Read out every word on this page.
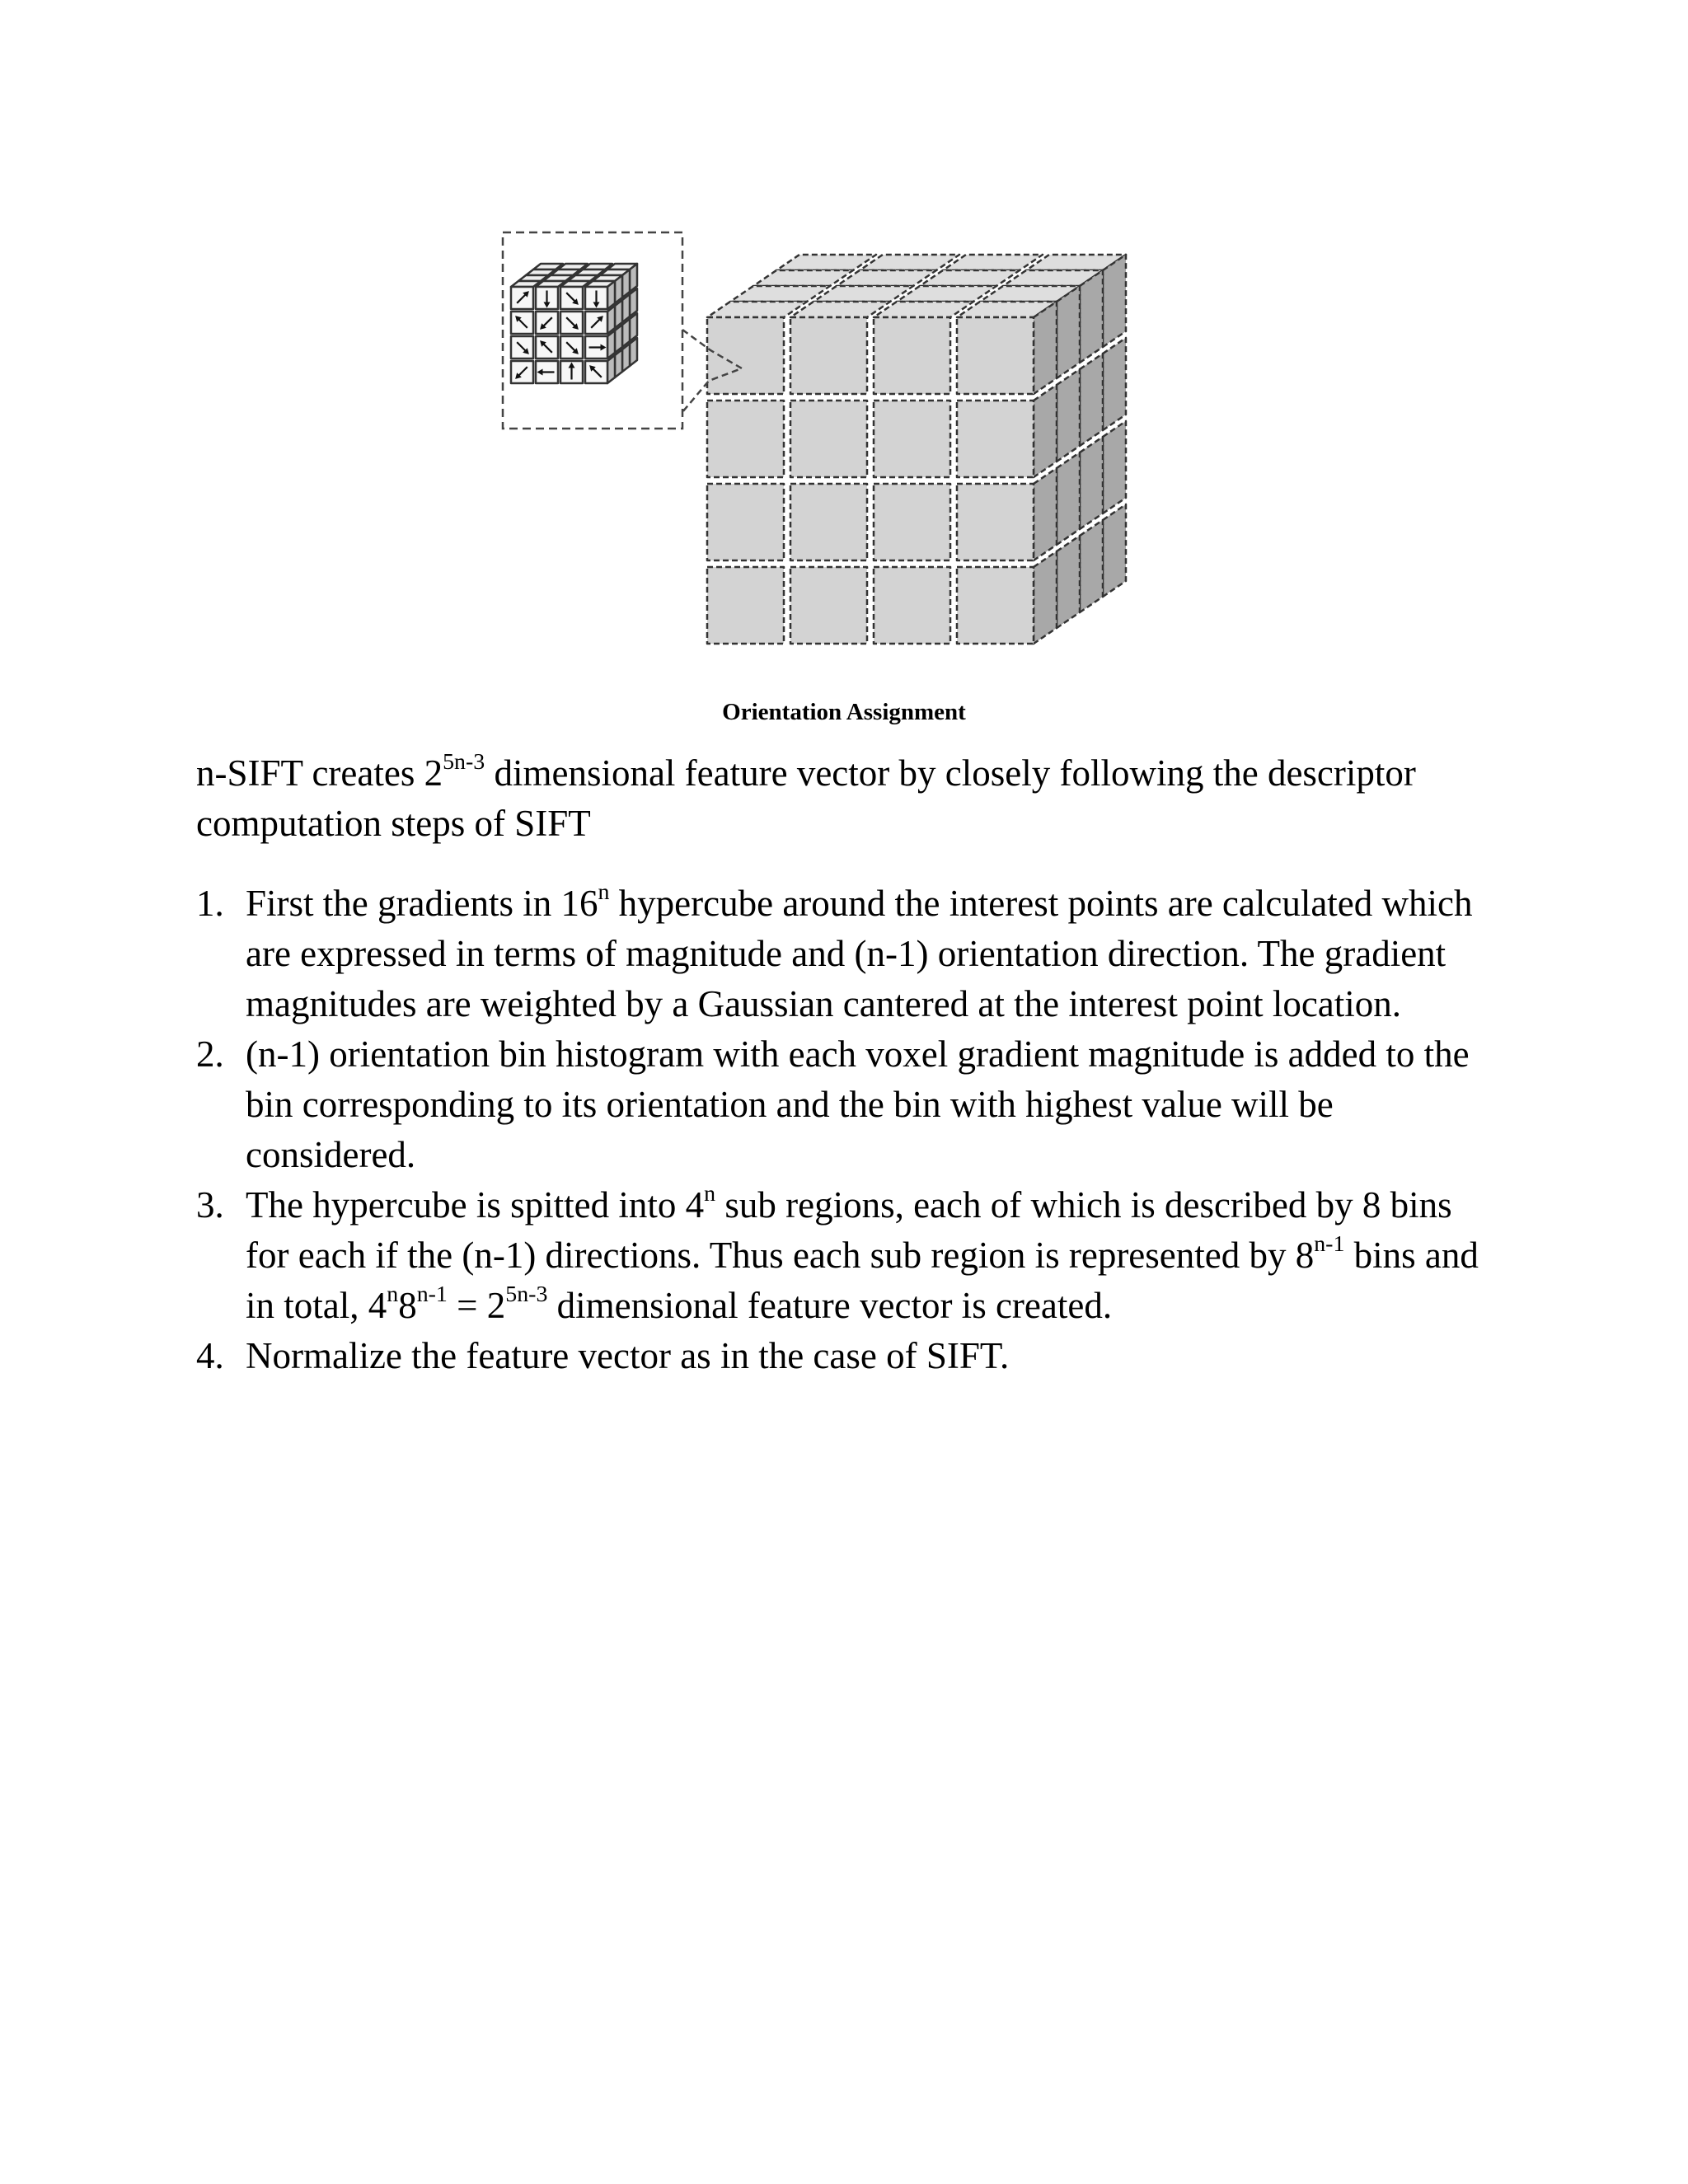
Orientation Assignment

n-SIFT creates $2^{5n-3}$ dimensional feature vector by closely following the descriptor computation steps of SIFT

1. First the gradients in 16$^n$ hypercube around the interest points are calculated which are expressed in terms of magnitude and (n-1) orientation direction. The gradient magnitudes are weighted by a Gaussian cantered at the interest point location.
2. (n-1) orientation bin histogram with each voxel gradient magnitude is added to the bin corresponding to its orientation and the bin with highest value will be considered.
3. The hypercube is spitted into 4$^n$ sub regions, each of which is described by 8 bins for each if the (n-1) directions. Thus each sub region is represented by 8$^{n-1}$ bins and in total, $4^n8^{n-1} = 2^{5n-3}$ dimensional feature vector is created.
4. Normalize the feature vector as in the case of SIFT.
